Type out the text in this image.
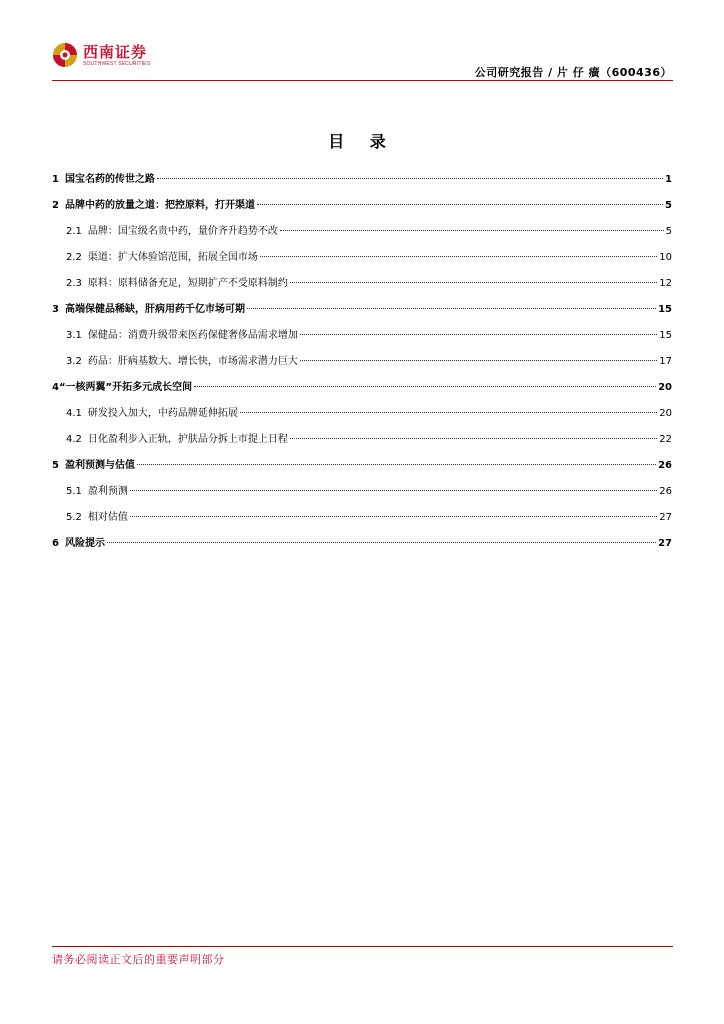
西南证券
SOUTHWEST SECURITIES
公司研究报告 / 片 仔 癀（600436）
目 录
1 国宝名药的传世之路	1
2 品牌中药的放量之道：把控原料，打开渠道	5
2.1 品牌：国宝级名贵中药，量价齐升趋势不改	5
2.2 渠道：扩大体验馆范围，拓展全国市场	10
2.3 原料：原料储备充足，短期扩产不受原料制约	12
3 高端保健品稀缺，肝病用药千亿市场可期	15
3.1 保健品：消费升级带来医药保健奢侈品需求增加	15
3.2 药品：肝病基数大、增长快，市场需求潜力巨大	17
4 “一核两翼”开拓多元成长空间	20
4.1 研发投入加大，中药品牌延伸拓展	20
4.2 日化盈利步入正轨，护肤品分拆上市提上日程	22
5 盈利预测与估值	26
5.1 盈利预测	26
5.2 相对估值	27
6 风险提示	27
请务必阅读正文后的重要声明部分
